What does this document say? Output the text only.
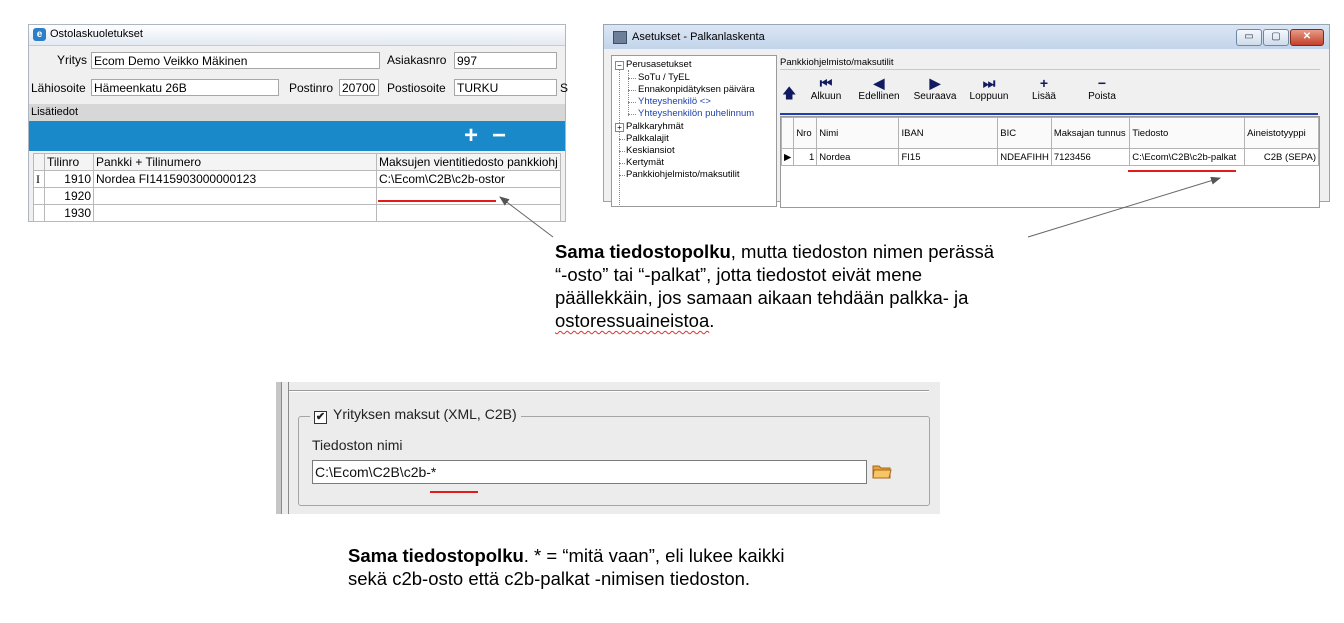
e Ostolaskuoletukset
Yritys Ecom Demo Veikko Mäkinen	Asiakasnro 997
Lähiosoite Hämeenkatu 26B	Postinro 20700 Postiosoite TURKU	S
Lisätiedot
+ −
	Tilinro	Pankki + Tilinumero	Maksujen vientitiedosto pankkiohj
I	1910	Nordea FI1415903000000123	C:\Ecom\C2B\c2b-ostor
	1920		
	1930		
Asetukset - Palkanlaskenta	▭	▢	✕
− Perusasetukset
SoTu / TyEL
Ennakonpidätyksen päivära
Yhteyshenkilö <>
Yhteyshenkilön puhelinnum
+ Palkkaryhmät
Palkkalajit
Keskiansiot
Kertymät
Pankkiohjelmisto/maksutilit
Pankkiohjelmisto/maksutilit
🡅
⏮
Alkuun
◀
Edellinen
▶
Seuraava
⏭
Loppuun
+
Lisää
−
Poista
	Nro	Nimi	IBAN	BIC	Maksajan tunnus	Tiedosto	Aineistotyyppi
▶	1	Nordea	FI15	NDEAFIHH	7123456	C:\Ecom\C2B\c2b-palkat	C2B (SEPA)
✔ Yrityksen maksut (XML, C2B)
Tiedoston nimi
C:\Ecom\C2B\c2b-*
Sama tiedostopolku, mutta tiedoston nimen perässä
“-osto” tai “-palkat”, jotta tiedostot eivät mene
päällekkäin, jos samaan aikaan tehdään palkka- ja
ostoressuaineistoa.
Sama tiedostopolku. * = “mitä vaan”, eli lukee kaikki
sekä c2b-osto että c2b-palkat -nimisen tiedoston.
